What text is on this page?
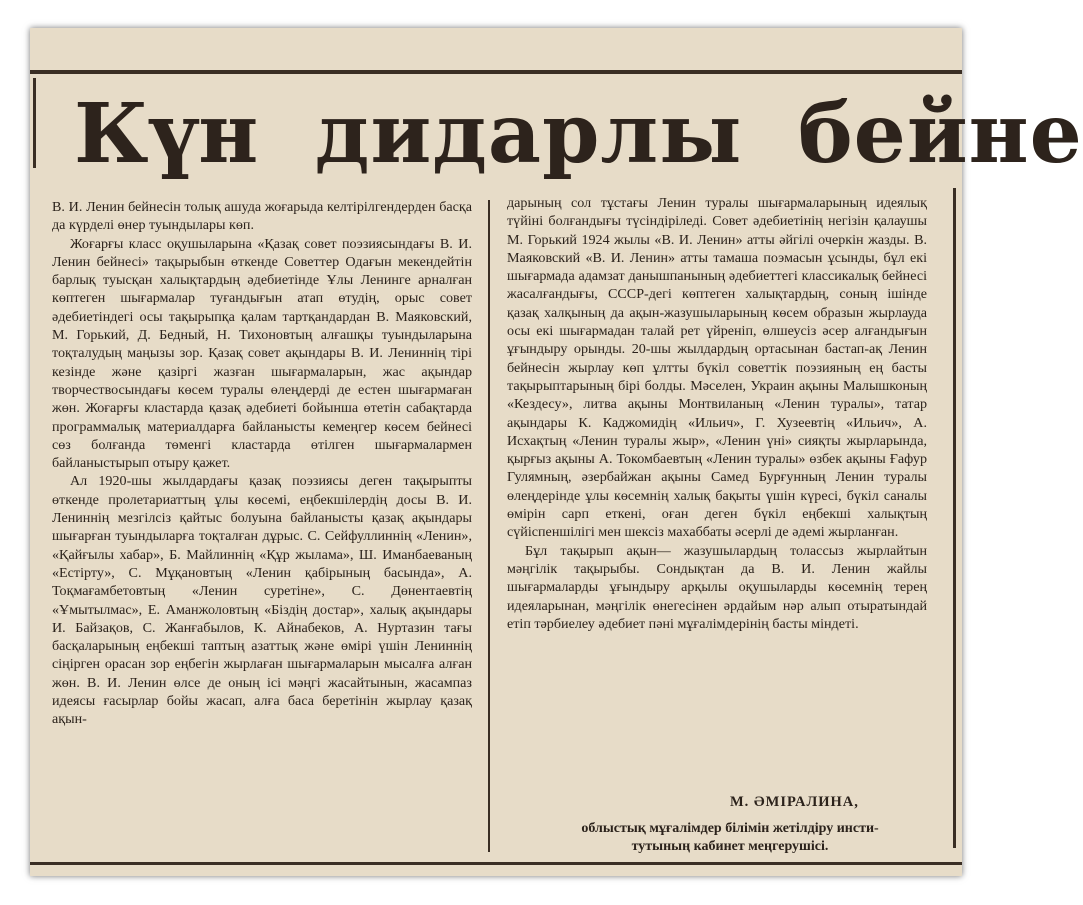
Күн дидарлы бейне

В. И. Ленин бейнесін толық ашуда жоғарыда келтірілгендерден басқа да күрделі өнер туындылары көп.

Жоғарғы класс оқушыларына «Қазақ совет поэзиясындағы В. И. Ленин бейнесі» тақырыбын өткенде Советтер Одағын мекендейтін барлық туысқан халықтардың әдебиетінде Ұлы Ленинге арналған көптеген шығармалар туғандығын атап өтудің, орыс совет әдебиетіндегі осы тақырыпқа қалам тартқандардан В. Маяковский, М. Горький, Д. Бедный, Н. Тихоновтың алғашқы туындыларына тоқталудың маңызы зор. Қазақ совет ақындары В. И. Лениннің тірі кезінде және қазіргі жазған шығармаларын, жас ақындар творчествосындағы көсем туралы өлеңдерді де естен шығармаған жөн. Жоғарғы кластарда қазақ әдебиеті бойынша өтетін сабақтарда программалық материалдарға байланысты кемеңгер көсем бейнесі сөз болғанда төменгі кластарда өтілген шығармалармен байланыстырып отыру қажет.

Ал 1920-шы жылдардағы қазақ поэзиясы деген тақырыпты өткенде пролетариаттың ұлы көсемі, еңбекшілердің досы В. И. Лениннің мезгілсіз қайтыс болуына байланысты қазақ ақындары шығарған туындыларға тоқталған дұрыс. С. Сейфуллиннің «Ленин», «Қайғылы хабар», Б. Майлиннің «Құр жылама», Ш. Иманбаеваның «Естірту», С. Мұқановтың «Ленин қабірының басында», А. Тоқмағамбетовтың «Ленин суретіне», С. Дөнентаевтің «Ұмытылмас», Е. Аманжоловтың «Біздің достар», халық ақындары И. Байзақов, С. Жанғабылов, К. Айнабеков, А. Нуртазин тағы басқаларының еңбекші таптың азаттық және өмірі үшін Лениннің сіңірген орасан зор еңбегін жырлаған шығармаларын мысалға алған жөн. В. И. Ленин өлсе де оның ісі мәңгі жасайтынын, жасампаз идеясы ғасырлар бойы жасап, алға баса беретінін жырлау қазақ ақын-

дарының сол тұстағы Ленин туралы шығармаларының идеялық түйіні болғандығы түсіндіріледі. Совет әдебиетінің негізін қалаушы М. Горький 1924 жылы «В. И. Ленин» атты әйгілі очеркін жазды. В. Маяковский «В. И. Ленин» атты тамаша поэмасын ұсынды, бұл екі шығармада адамзат данышпанының әдебиеттегі классикалық бейнесі жасалғандығы, СССР-дегі көптеген халықтардың, соның ішінде қазақ халқының да ақын-жазушыларының көсем образын жырлауда осы екі шығармадан талай рет үйреніп, өлшеусіз әсер алғандығын ұғындыру орынды. 20-шы жылдардың ортасынан бастап-ақ Ленин бейнесін жырлау көп ұлтты бүкіл советтік поэзияның ең басты тақырыптарының бірі болды. Мәселен, Украин ақыны Малышконың «Кездесу», литва ақыны Монтвиланың «Ленин туралы», татар ақындары К. Каджомидің «Ильич», Г. Хузеевтің «Ильич», А. Исхақтың «Ленин туралы жыр», «Ленин үні» сияқты жырларында, қырғыз ақыны А. Токомбаевтың «Ленин туралы» өзбек ақыны Ғафур Гулямның, әзербайжан ақыны Самед Бурғунның Ленин туралы өлеңдерінде ұлы көсемнің халық бақыты үшін күресі, бүкіл саналы өмірін сарп еткені, оған деген бүкіл еңбекші халықтың сүйіспеншілігі мен шексіз махаббаты әсерлі де әдемі жырланған.

Бұл тақырып ақын— жазушылардың толассыз жырлайтын мәңгілік тақырыбы. Сондықтан да В. И. Ленин жайлы шығармаларды ұғындыру арқылы оқушыларды көсемнің терең идеяларынан, мәңгілік өнегесінен әрдайым нәр алып отыратындай етіп тәрбиелеу әдебиет пәні мұғалімдерінің басты міндеті.

М. ӘМІРАЛИНА,
облыстық мұғалімдер білімін жетілдіру инсти-
тутының кабинет меңгерушісі.
